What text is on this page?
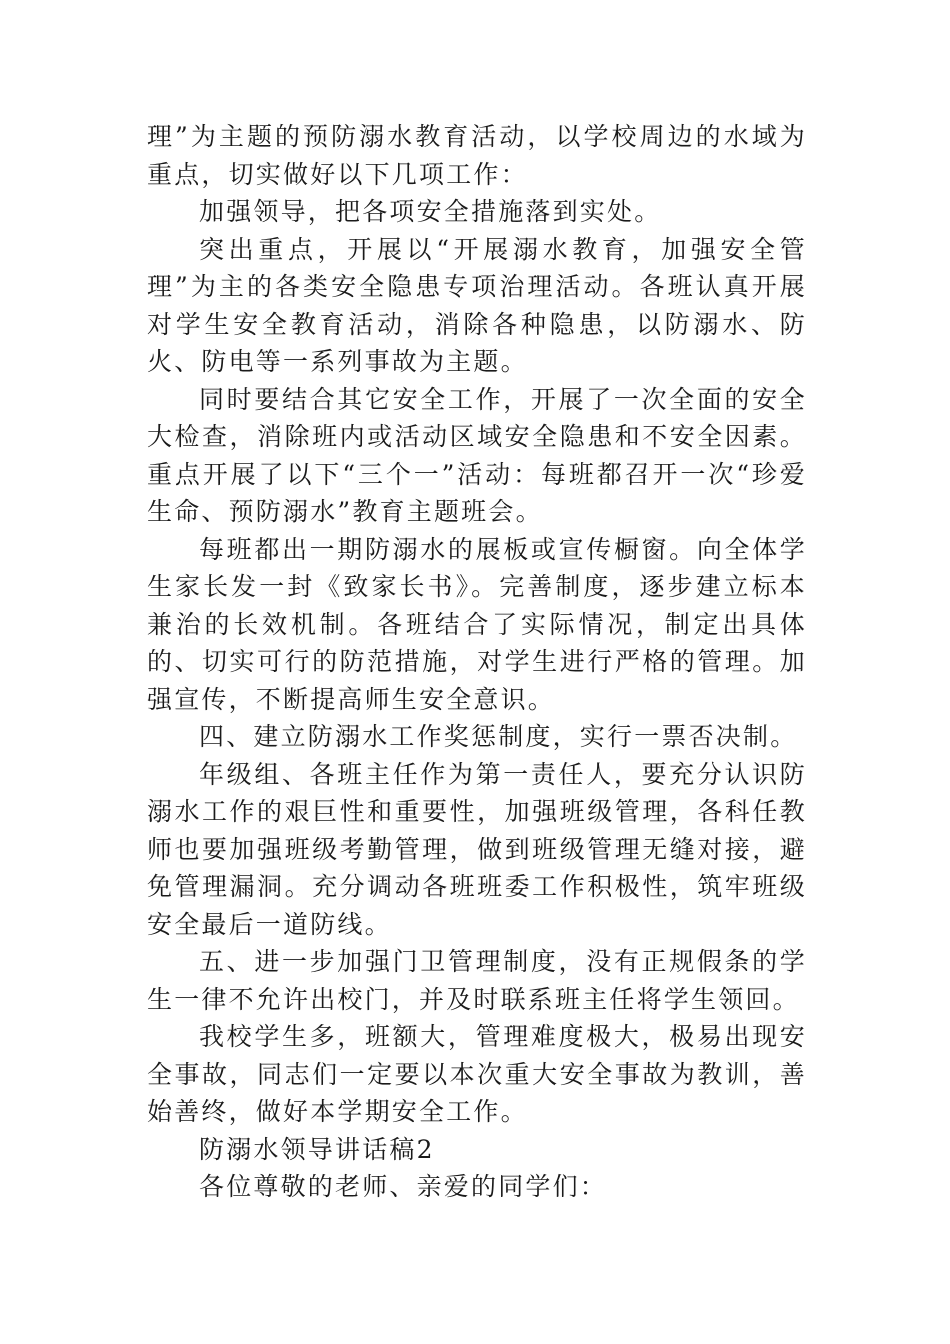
理”为主题的预防溺水教育活动，以学校周边的水域为重点，切实做好以下几项工作：

加强领导，把各项安全措施落到实处。

突出重点，开展以“开展溺水教育，加强安全管理”为主的各类安全隐患专项治理活动。各班认真开展对学生安全教育活动，消除各种隐患，以防溺水、防火、防电等一系列事故为主题。

同时要结合其它安全工作，开展了一次全面的安全大检查，消除班内或活动区域安全隐患和不安全因素。重点开展了以下“三个一”活动：每班都召开一次“珍爱生命、预防溺水”教育主题班会。

每班都出一期防溺水的展板或宣传橱窗。向全体学生家长发一封《致家长书》。完善制度，逐步建立标本兼治的长效机制。各班结合了实际情况，制定出具体的、切实可行的防范措施，对学生进行严格的管理。加强宣传，不断提高师生安全意识。

四、建立防溺水工作奖惩制度，实行一票否决制。

年级组、各班主任作为第一责任人，要充分认识防溺水工作的艰巨性和重要性，加强班级管理，各科任教师也要加强班级考勤管理，做到班级管理无缝对接，避免管理漏洞。充分调动各班班委工作积极性，筑牢班级安全最后一道防线。

五、进一步加强门卫管理制度，没有正规假条的学生一律不允许出校门，并及时联系班主任将学生领回。

我校学生多，班额大，管理难度极大，极易出现安全事故，同志们一定要以本次重大安全事故为教训，善始善终，做好本学期安全工作。

防溺水领导讲话稿2

各位尊敬的老师、亲爱的同学们：
